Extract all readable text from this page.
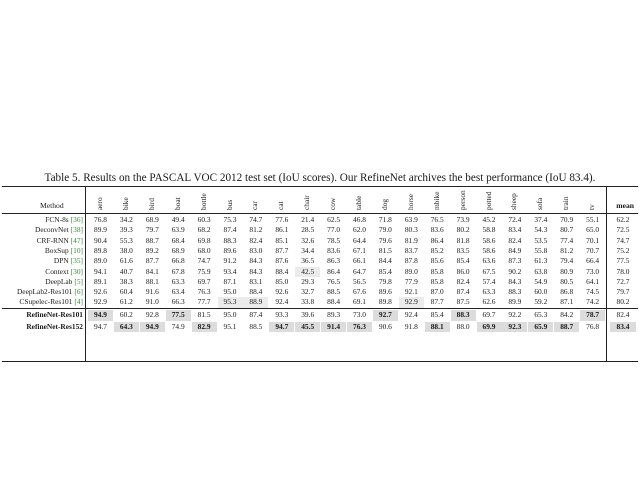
Table 5. Results on the PASCAL VOC 2012 test set (IoU scores). Our RefineNet archives the best performance (IoU 83.4).
Method	aero bike bird boat bottle bus car cat chair cow table dog horse mbike person potted sheep sofa train tv	mean
FCN-8s [36]	76.8	34.2	68.9	49.4	60.3	75.3	74.7	77.6	21.4	62.5	46.8	71.8	63.9	76.5	73.9	45.2	72.4	37.4	70.9	55.1	62.2
DeconvNet [38]	89.9	39.3	79.7	63.9	68.2	87.4	81.2	86.1	28.5	77.0	62.0	79.0	80.3	83.6	80.2	58.8	83.4	54.3	80.7	65.0	72.5
CRF-RNN [47]	90.4	55.3	88.7	68.4	69.8	88.3	82.4	85.1	32.6	78.5	64.4	79.6	81.9	86.4	81.8	58.6	82.4	53.5	77.4	70.1	74.7
BoxSup [10]	89.8	38.0	89.2	68.9	68.0	89.6	83.0	87.7	34.4	83.6	67.1	81.5	83.7	85.2	83.5	58.6	84.9	55.8	81.2	70.7	75.2
DPN [35]	89.0	61.6	87.7	66.8	74.7	91.2	84.3	87.6	36.5	86.3	66.1	84.4	87.8	85.6	85.4	63.6	87.3	61.3	79.4	66.4	77.5
Context [30]	94.1	40.7	84.1	67.8	75.9	93.4	84.3	88.4	42.5	86.4	64.7	85.4	89.0	85.8	86.0	67.5	90.2	63.8	80.9	73.0	78.0
DeepLab [5]	89.1	38.3	88.1	63.3	69.7	87.1	83.1	85.0	29.3	76.5	56.5	79.8	77.9	85.8	82.4	57.4	84.3	54.9	80.5	64.1	72.7
DeepLab2-Res101 [6]	92.6	60.4	91.6	63.4	76.3	95.0	88.4	92.6	32.7	88.5	67.6	89.6	92.1	87.0	87.4	63.3	88.3	60.0	86.8	74.5	79.7
CSupelec-Res101 [4]	92.9	61.2	91.0	66.3	77.7	95.3	88.9	92.4	33.8	88.4	69.1	89.8	92.9	87.7	87.5	62.6	89.9	59.2	87.1	74.2	80.2
RefineNet-Res101	94.9	60.2	92.8	77.5	81.5	95.0	87.4	93.3	39.6	89.3	73.0	92.7	92.4	85.4	88.3	69.7	92.2	65.3	84.2	78.7	82.4
RefineNet-Res152	94.7	64.3	94.9	74.9	82.9	95.1	88.5	94.7	45.5	91.4	76.3	90.6	91.8	88.1	88.0	69.9	92.3	65.9	88.7	76.8	83.4
